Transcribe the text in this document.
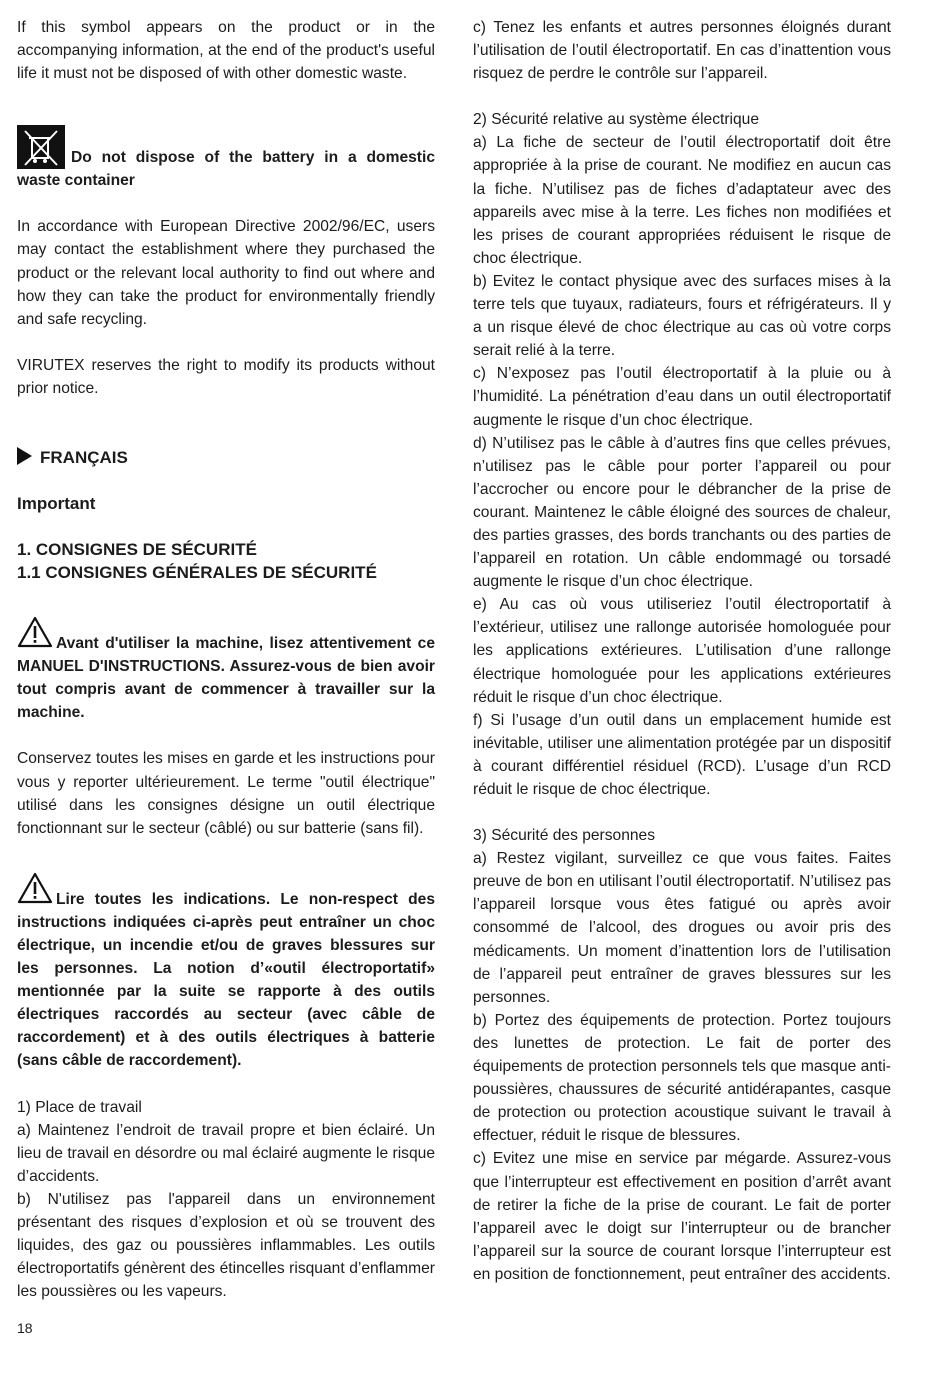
If this symbol appears on the product or in the accompanying information, at the end of the product's useful life it must not be disposed of with other domestic waste.

Do not dispose of the battery in a domestic waste container

In accordance with European Directive 2002/96/EC, users may contact the establishment where they purchased the product or the relevant local authority to find out where and how they can take the product for environmentally friendly and safe recycling.

VIRUTEX reserves the right to modify its products without prior notice.

FRANÇAIS

Important

1. CONSIGNES DE SÉCURITÉ

1.1 CONSIGNES GÉNÉRALES DE SÉCURITÉ

Avant d'utiliser la machine, lisez attentivement ce MANUEL D'INSTRUCTIONS. Assurez-vous de bien avoir tout compris avant de commencer à travailler sur la machine.

Conservez toutes les mises en garde et les instructions pour vous y reporter ultérieurement. Le terme "outil électrique" utilisé dans les consignes désigne un outil électrique fonctionnant sur le secteur (câblé) ou sur batterie (sans fil).

Lire toutes les indications. Le non-respect des instructions indiquées ci-après peut entraîner un choc électrique, un incendie et/ou de graves blessures sur les personnes. La notion d’«outil électroportatif» mentionnée par la suite se rapporte à des outils électriques raccordés au secteur (avec câble de raccordement) et à des outils électriques à batterie (sans câble de raccordement).

1) Place de travail

a) Maintenez l’endroit de travail propre et bien éclairé. Un lieu de travail en désordre ou mal éclairé augmente le risque d’accidents.

b) N'utilisez pas l'appareil dans un environnement présentant des risques d’explosion et où se trouvent des liquides, des gaz ou poussières inflammables. Les outils électroportatifs génèrent des étincelles risquant d’enflammer les poussières ou les vapeurs.

c) Tenez les enfants et autres personnes éloignés durant l’utilisation de l’outil électroportatif. En cas d’inattention vous risquez de perdre le contrôle sur l’appareil.

2) Sécurité relative au système électrique

a) La fiche de secteur de l’outil électroportatif doit être appropriée à la prise de courant. Ne modifiez en aucun cas la fiche. N’utilisez pas de fiches d’adaptateur avec des appareils avec mise à la terre. Les fiches non modifiées et les prises de courant appropriées réduisent le risque de choc électrique.

b) Evitez le contact physique avec des surfaces mises à la terre tels que tuyaux, radiateurs, fours et réfrigérateurs. Il y a un risque élevé de choc électrique au cas où votre corps serait relié à la terre.

c) N’exposez pas l’outil électroportatif à la pluie ou à l’humidité. La pénétration d’eau dans un outil électroportatif augmente le risque d’un choc électrique.

d) N’utilisez pas le câble à d’autres fins que celles prévues, n’utilisez pas le câble pour porter l’appareil ou pour l’accrocher ou encore pour le débrancher de la prise de courant. Maintenez le câble éloigné des sources de chaleur, des parties grasses, des bords tranchants ou des parties de l’appareil en rotation. Un câble endommagé ou torsadé augmente le risque d’un choc électrique.

e) Au cas où vous utiliseriez l’outil électroportatif à l’extérieur, utilisez une rallonge autorisée homologuée pour les applications extérieures. L’utilisation d’une rallonge électrique homologuée pour les applications extérieures réduit le risque d’un choc électrique.

f) Si l’usage d’un outil dans un emplacement humide est inévitable, utiliser une alimentation protégée par un dispositif à courant différentiel résiduel (RCD). L’usage d’un RCD réduit le risque de choc électrique.

3) Sécurité des personnes

a) Restez vigilant, surveillez ce que vous faites. Faites preuve de bon en utilisant l’outil électroportatif. N’utilisez pas l’appareil lorsque vous êtes fatigué ou après avoir consommé de l’alcool, des drogues ou avoir pris des médicaments. Un moment d’inattention lors de l’utilisation de l’appareil peut entraîner de graves blessures sur les personnes.

b) Portez des équipements de protection. Portez toujours des lunettes de protection. Le fait de porter des équipements de protection personnels tels que masque anti-poussières, chaussures de sécurité antidérapantes, casque de protection ou protection acoustique suivant le travail à effectuer, réduit le risque de blessures.

c) Evitez une mise en service par mégarde. Assurez-vous que l’interrupteur est effectivement en position d’arrêt avant de retirer la fiche de la prise de courant. Le fait de porter l’appareil avec le doigt sur l’interrupteur ou de brancher l’appareil sur la source de courant lorsque l’interrupteur est en position de fonctionnement, peut entraîner des accidents.

18
